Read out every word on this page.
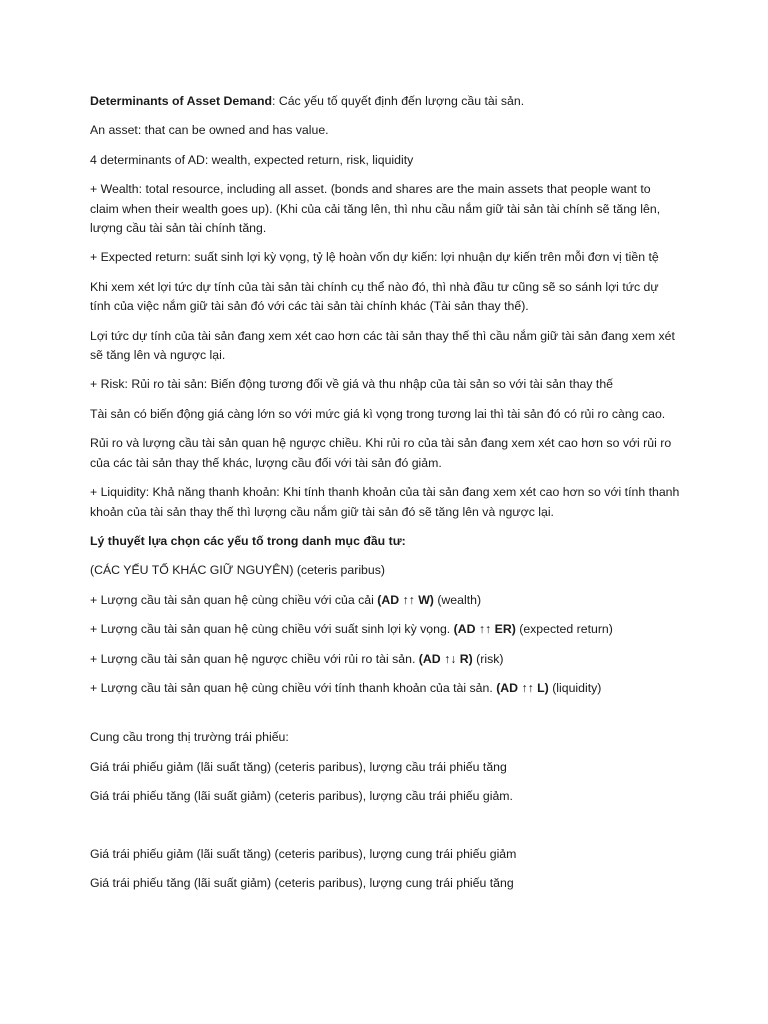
Determinants of Asset Demand: Các yếu tố quyết định đến lượng cầu tài sản.

An asset: that can be owned and has value.

4 determinants of AD: wealth, expected return, risk, liquidity

+ Wealth: total resource, including all asset. (bonds and shares are the main assets that people want to claim when their wealth goes up). (Khi của cải tăng lên, thì nhu cầu nắm giữ tài sản tài chính sẽ tăng lên, lượng cầu tài sản tài chính tăng.

+ Expected return: suất sinh lợi kỳ vọng, tỷ lệ hoàn vốn dự kiến: lợi nhuận dự kiến trên mỗi đơn vị tiền tệ

Khi xem xét lợi tức dự tính của tài sản tài chính cụ thể nào đó, thì nhà đầu tư cũng sẽ so sánh lợi tức dự tính của việc nắm giữ tài sản đó với các tài sản tài chính khác (Tài sản thay thế).

Lợi tức dự tính của tài sản đang xem xét cao hơn các tài sản thay thế thì cầu nắm giữ tài sản đang xem xét sẽ tăng lên và ngược lại.

+ Risk: Rủi ro tài sản: Biến động tương đối về giá và thu nhập của tài sản so với tài sản thay thế

Tài sản có biến động giá càng lớn so với mức giá kì vọng trong tương lai thì tài sản đó có rủi ro càng cao.

Rủi ro và lượng cầu tài sản quan hệ ngược chiều. Khi rủi ro của tài sản đang xem xét cao hơn so với rủi ro của các tài sản thay thế khác, lượng cầu đối với tài sản đó giảm.

+ Liquidity: Khả năng thanh khoản: Khi tính thanh khoản của tài sản đang xem xét cao hơn so với tính thanh khoản của tài sản thay thế thì lượng cầu nắm giữ tài sản đó sẽ tăng lên và ngược lại.

Lý thuyết lựa chọn các yếu tố trong danh mục đầu tư:

(CÁC YẾU TỐ KHÁC GIỮ NGUYÊN) (ceteris paribus)

+ Lượng cầu tài sản quan hệ cùng chiều với của cải (AD ↑↑ W) (wealth)

+ Lượng cầu tài sản quan hệ cùng chiều với suất sinh lợi kỳ vọng. (AD ↑↑ ER) (expected return)

+ Lượng cầu tài sản quan hệ ngược chiều với rủi ro tài sản. (AD ↑↓ R) (risk)

+ Lượng cầu tài sản quan hệ cùng chiều với tính thanh khoản của tài sản. (AD ↑↑ L) (liquidity)

Cung cầu trong thị trường trái phiếu:

Giá trái phiếu giảm (lãi suất tăng) (ceteris paribus), lượng cầu trái phiếu tăng

Giá trái phiếu tăng (lãi suất giảm) (ceteris paribus), lượng cầu trái phiếu giảm.

Giá trái phiếu giảm (lãi suất tăng) (ceteris paribus), lượng cung trái phiếu giảm

Giá trái phiếu tăng (lãi suất giảm) (ceteris paribus), lượng cung trái phiếu tăng
